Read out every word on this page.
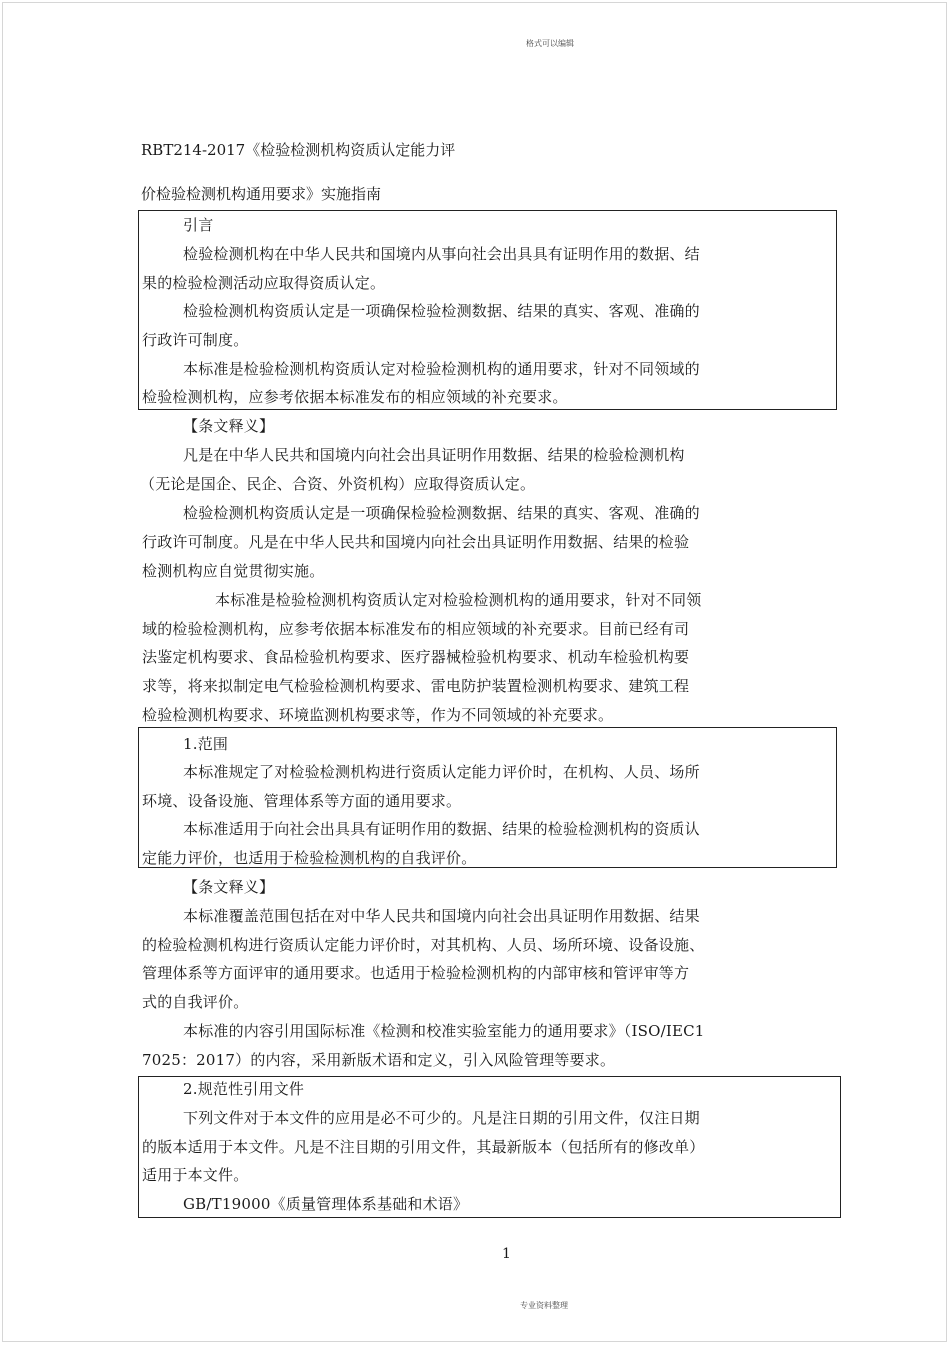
格式可以编辑
RBT214-2017《检验检测机构资质认定能力评
价检验检测机构通用要求》实施指南
引言
检验检测机构在中华人民共和国境内从事向社会出具具有证明作用的数据、结
果的检验检测活动应取得资质认定。
检验检测机构资质认定是一项确保检验检测数据、结果的真实、客观、准确的
行政许可制度。
本标准是检验检测机构资质认定对检验检测机构的通用要求，针对不同领域的
检验检测机构，应参考依据本标准发布的相应领域的补充要求。
【条文释义】
凡是在中华人民共和国境内向社会出具证明作用数据、结果的检验检测机构
（无论是国企、民企、合资、外资机构）应取得资质认定。
检验检测机构资质认定是一项确保检验检测数据、结果的真实、客观、准确的
行政许可制度。凡是在中华人民共和国境内向社会出具证明作用数据、结果的检验
检测机构应自觉贯彻实施。
本标准是检验检测机构资质认定对检验检测机构的通用要求，针对不同领
域的检验检测机构，应参考依据本标准发布的相应领域的补充要求。目前已经有司
法鉴定机构要求、食品检验机构要求、医疗器械检验机构要求、机动车检验机构要
求等，将来拟制定电气检验检测机构要求、雷电防护装置检测机构要求、建筑工程
检验检测机构要求、环境监测机构要求等，作为不同领域的补充要求。
1.范围
本标准规定了对检验检测机构进行资质认定能力评价时，在机构、人员、场所
环境、设备设施、管理体系等方面的通用要求。
本标准适用于向社会出具具有证明作用的数据、结果的检验检测机构的资质认
定能力评价，也适用于检验检测机构的自我评价。
【条文释义】
本标准覆盖范围包括在对中华人民共和国境内向社会出具证明作用数据、结果
的检验检测机构进行资质认定能力评价时，对其机构、人员、场所环境、设备设施、
管理体系等方面评审的通用要求。也适用于检验检测机构的内部审核和管评审等方
式的自我评价。
本标准的内容引用国际标准《检测和校准实验室能力的通用要求》（ISO/IEC1
7025：2017）的内容，采用新版术语和定义，引入风险管理等要求。
2.规范性引用文件
下列文件对于本文件的应用是必不可少的。凡是注日期的引用文件，仅注日期
的版本适用于本文件。凡是不注目期的引用文件，其最新版本（包括所有的修改单）
适用于本文件。
GB/T19000《质量管理体系基础和术语》
1
专业资料整理
